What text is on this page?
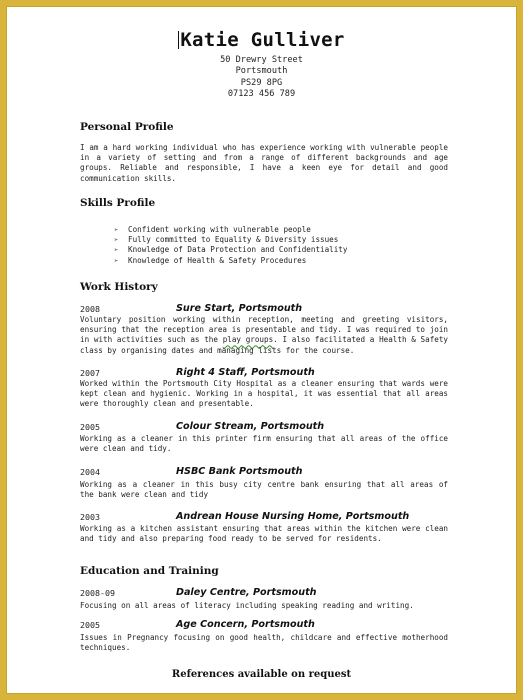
Katie Gulliver
50 Drewry Street
Portsmouth
PS29 8PG
07123 456 789
Personal Profile
I am a hard working individual who has experience working with vulnerable people in a variety of setting and from a range of different backgrounds and age groups. Reliable and responsible, I have a keen eye for detail and good communication skills.
Skills Profile
➢ Confident working with vulnerable people
➢ Fully committed to Equality & Diversity issues
➢ Knowledge of Data Protection and Confidentiality
➢ Knowledge of Health & Safety Procedures
Work History
2008	Sure Start, Portsmouth
Voluntary position working within reception, meeting and greeting visitors, ensuring that the reception area is presentable and tidy. I was required to join in with activities such as the play groups. I also facilitated a Health & Safety class by organising dates and managing lists for the course.
2007	Right 4 Staff, Portsmouth
Worked within the Portsmouth City Hospital as a cleaner ensuring that wards were kept clean and hygienic. Working in a hospital, it was essential that all areas were thoroughly clean and presentable.
2005	Colour Stream, Portsmouth
Working as a cleaner in this printer firm ensuring that all areas of the office were clean and tidy.
2004	HSBC Bank Portsmouth
Working as a cleaner in this busy city centre bank ensuring that all areas of the bank were clean and tidy
2003	Andrean House Nursing Home, Portsmouth
Working as a kitchen assistant ensuring that areas within the kitchen were clean and tidy and also preparing food ready to be served for residents.
Education and Training
2008-09	Daley Centre, Portsmouth
Focusing on all areas of literacy including speaking reading and writing.
2005	Age Concern, Portsmouth
Issues in Pregnancy focusing on good health, childcare and effective motherhood techniques.
References available on request
